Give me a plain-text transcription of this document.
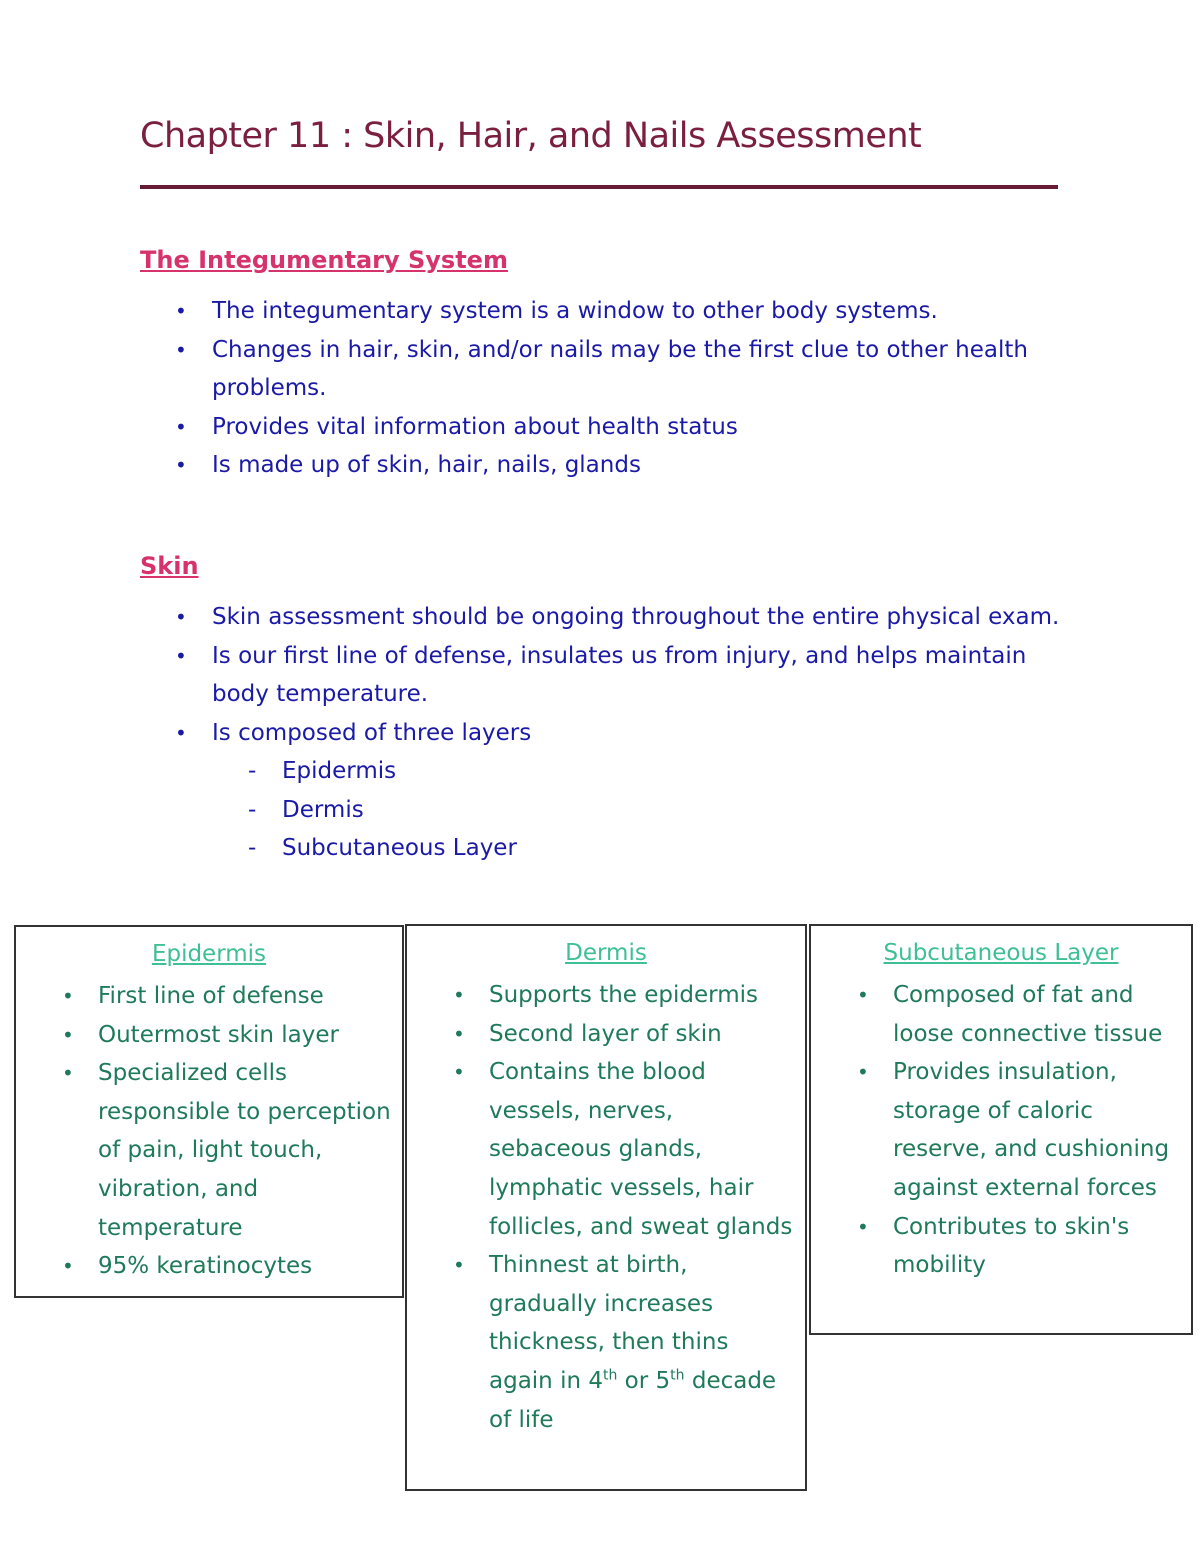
Chapter 11 : Skin, Hair, and Nails Assessment
The Integumentary System
• The integumentary system is a window to other body systems.
• Changes in hair, skin, and/or nails may be the first clue to other health problems.
• Provides vital information about health status
• Is made up of skin, hair, nails, glands
Skin
• Skin assessment should be ongoing throughout the entire physical exam.
• Is our first line of defense, insulates us from injury, and helps maintain body temperature.
• Is composed of three layers
- Epidermis
- Dermis
- Subcutaneous Layer
Epidermis
• First line of defense
• Outermost skin layer
• Specialized cells responsible to perception of pain, light touch, vibration, and temperature
• 95% keratinocytes
Dermis
• Supports the epidermis
• Second layer of skin
• Contains the blood vessels, nerves, sebaceous glands, lymphatic vessels, hair follicles, and sweat glands
• Thinnest at birth, gradually increases thickness, then thins again in 4th or 5th decade of life
Subcutaneous Layer
• Composed of fat and loose connective tissue
• Provides insulation, storage of caloric reserve, and cushioning against external forces
• Contributes to skin's mobility
